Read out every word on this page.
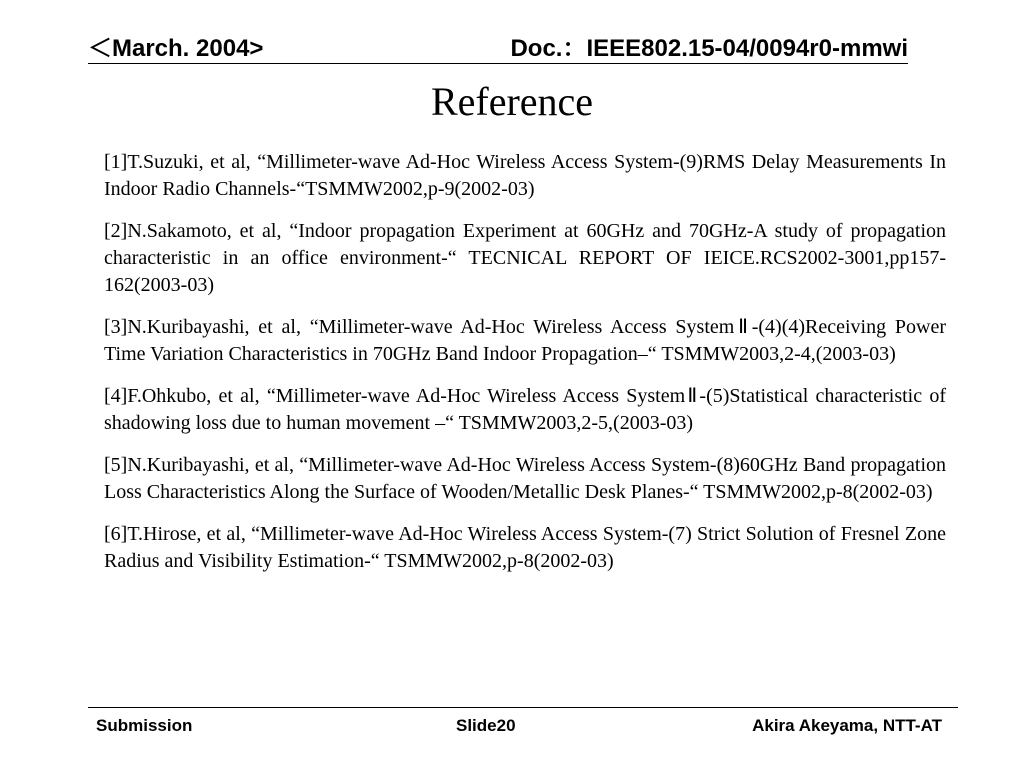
＜March. 2004>	Doc.：IEEE802.15-04/0094r0-mmwi
Reference

[1]T.Suzuki, et al, “Millimeter-wave Ad-Hoc Wireless Access System-(9)RMS Delay Measurements In Indoor Radio Channels-“TSMMW2002,p-9(2002-03)

[2]N.Sakamoto, et al, “Indoor propagation Experiment at 60GHz and 70GHz-A study of propagation characteristic in an office environment-“ TECNICAL REPORT OF IEICE.RCS2002-3001,pp157-162(2003-03)

[3]N.Kuribayashi, et al, “Millimeter-wave Ad-Hoc Wireless Access SystemⅡ-(4)(4)Receiving Power Time Variation Characteristics in 70GHz Band Indoor Propagation–“ TSMMW2003,2-4,(2003-03)

[4]F.Ohkubo, et al, “Millimeter-wave Ad-Hoc Wireless Access SystemⅡ-(5)Statistical characteristic of shadowing loss due to human movement –“ TSMMW2003,2-5,(2003-03)

[5]N.Kuribayashi, et al, “Millimeter-wave Ad-Hoc Wireless Access System-(8)60GHz Band propagation Loss Characteristics Along the Surface of Wooden/Metallic Desk Planes-“ TSMMW2002,p-8(2002-03)

[6]T.Hirose, et al, “Millimeter-wave Ad-Hoc Wireless Access System-(7) Strict Solution of Fresnel Zone Radius and Visibility Estimation-“ TSMMW2002,p-8(2002-03)

Submission	Slide20	Akira Akeyama, NTT-AT
